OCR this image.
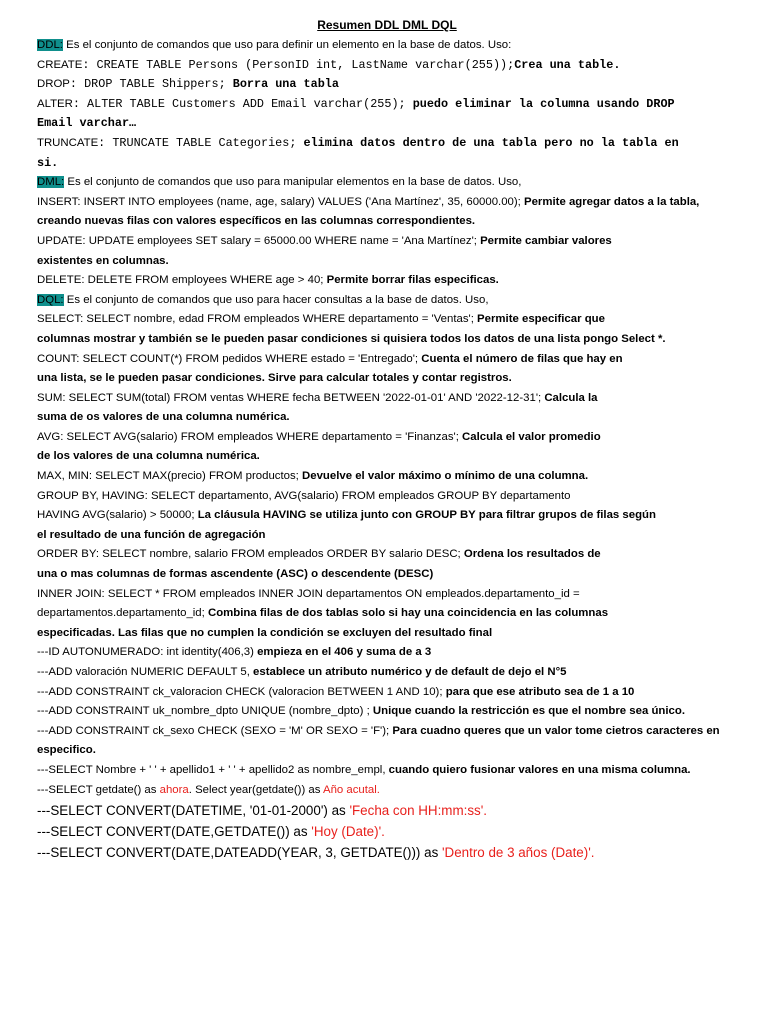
Resumen DDL DML DQL
DDL: Es el conjunto de comandos que uso para definir un elemento en la base de datos. Uso:
CREATE: CREATE TABLE Persons (PersonID int, LastName varchar(255));Crea una table.
DROP: DROP TABLE Shippers; Borra una tabla
ALTER: ALTER TABLE Customers ADD Email varchar(255); puedo eliminar la columna usando DROP
Email varchar…
TRUNCATE: TRUNCATE TABLE Categories; elimina datos dentro de una tabla pero no la tabla en
si.
DML: Es el conjunto de comandos que uso para manipular elementos en la base de datos. Uso,
INSERT: INSERT INTO employees (name, age, salary) VALUES ('Ana Martínez', 35, 60000.00); Permite agregar datos a la tabla,
creando nuevas filas con valores específicos en las columnas correspondientes.
UPDATE: UPDATE employees SET salary = 65000.00 WHERE name = 'Ana Martínez'; Permite cambiar valores
existentes en columnas.
DELETE: DELETE FROM employees WHERE age > 40; Permite borrar filas especificas.
DQL: Es el conjunto de comandos que uso para hacer consultas a la base de datos. Uso,
SELECT: SELECT nombre, edad FROM empleados WHERE departamento = 'Ventas'; Permite especificar que
columnas mostrar y también se le pueden pasar condiciones si quisiera todos los datos de una lista pongo Select *.
COUNT: SELECT COUNT(*) FROM pedidos WHERE estado = 'Entregado'; Cuenta el número de filas que hay en
una lista, se le pueden pasar condiciones. Sirve para calcular totales y contar registros.
SUM: SELECT SUM(total) FROM ventas WHERE fecha BETWEEN '2022-01-01' AND '2022-12-31'; Calcula la
suma de os valores de una columna numérica.
AVG: SELECT AVG(salario) FROM empleados WHERE departamento = 'Finanzas'; Calcula el valor promedio
de los valores de una columna numérica.
MAX, MIN: SELECT MAX(precio) FROM productos; Devuelve el valor máximo o mínimo de una columna.
GROUP BY, HAVING: SELECT departamento, AVG(salario) FROM empleados GROUP BY departamento
HAVING AVG(salario) > 50000; La cláusula HAVING se utiliza junto con GROUP BY para filtrar grupos de filas según
el resultado de una función de agregación
ORDER BY: SELECT nombre, salario FROM empleados ORDER BY salario DESC; Ordena los resultados de
una o mas columnas de formas ascendente (ASC) o descendente (DESC)
INNER JOIN: SELECT * FROM empleados INNER JOIN departamentos ON empleados.departamento_id =
departamentos.departamento_id; Combina filas de dos tablas solo si hay una coincidencia en las columnas
especificadas. Las filas que no cumplen la condición se excluyen del resultado final
---ID AUTONUMERADO: int identity(406,3) empieza en el 406 y suma de a 3
---ADD valoración NUMERIC DEFAULT 5, establece un atributo numérico y de default de dejo el N°5
---ADD CONSTRAINT ck_valoracion CHECK (valoracion BETWEEN 1 AND 10); para que ese atributo sea de 1 a 10
---ADD CONSTRAINT uk_nombre_dpto UNIQUE (nombre_dpto) ; Unique cuando la restricción es que el nombre sea único.
---ADD CONSTRAINT ck_sexo CHECK (SEXO = 'M' OR SEXO = 'F'); Para cuadno queres que un valor tome cietros caracteres en
especifico.
---SELECT Nombre + ' ' + apellido1 + ' ' + apellido2 as nombre_empl, cuando quiero fusionar valores en una misma columna.
---SELECT getdate() as ahora. Select year(getdate()) as Año acutal.
---SELECT CONVERT(DATETIME, '01-01-2000') as 'Fecha con HH:mm:ss'.
---SELECT CONVERT(DATE,GETDATE()) as 'Hoy (Date)'.
---SELECT CONVERT(DATE,DATEADD(YEAR, 3, GETDATE())) as 'Dentro de 3 años (Date)'.
